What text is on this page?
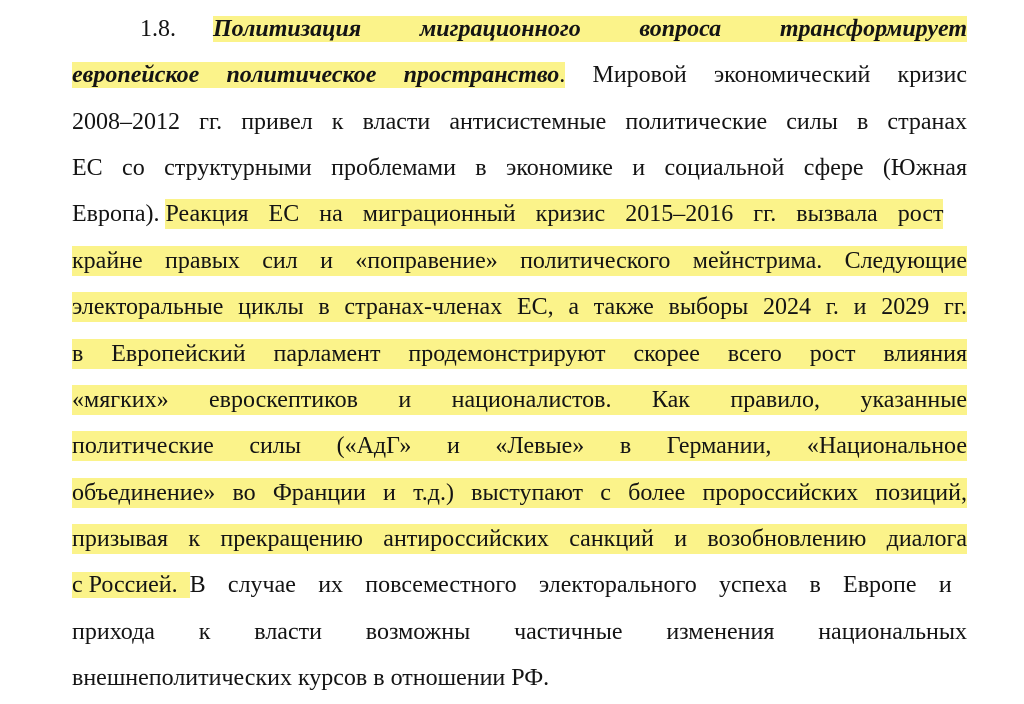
Политизация миграционного вопроса трансформирует
1.8.
европейское политическое пространство. Мировой экономический кризис
2008–2012 гг. привел к власти антисистемные политические силы в странах
ЕС со структурными проблемами в экономике и социальной сфере (Южная
Европа). Реакция ЕС на миграционный кризис 2015–2016 гг. вызвала рост
крайне правых сил и «поправение» политического мейнстрима. Следующие
электоральные циклы в странах-членах ЕС, а также выборы 2024 г. и 2029 гг.
в Европейский парламент продемонстрируют скорее всего рост влияния
«мягких» евроскептиков и националистов. Как правило, указанные
политические силы («АдГ» и «Левые» в Германии, «Национальное
объединение» во Франции и т.д.) выступают с более пророссийских позиций,
призывая к прекращению антироссийских санкций и возобновлению диалога
с Россией.  В случае их повсеместного электорального успеха в Европе и
прихода к власти возможны частичные изменения национальных
внешнеполитических курсов в отношении РФ.
